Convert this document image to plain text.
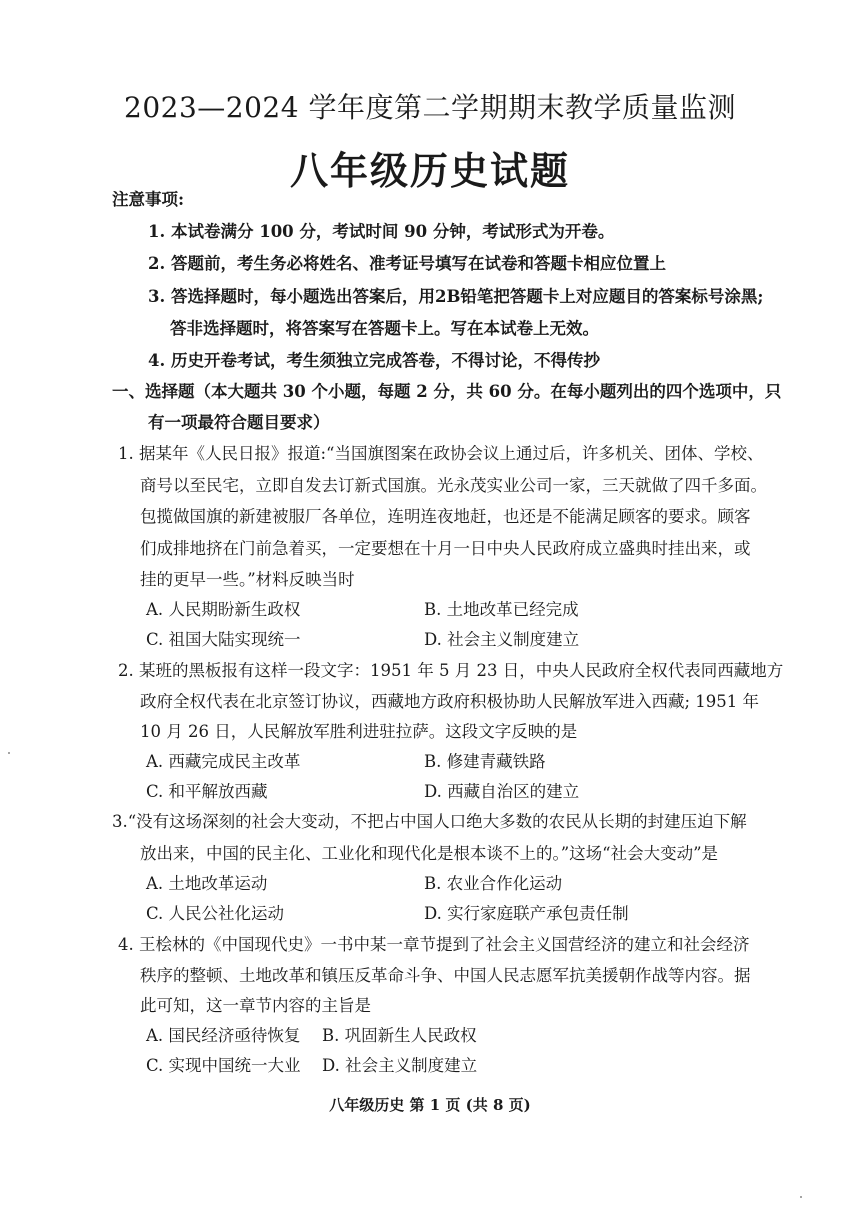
2023—2024 学年度第二学期期末教学质量监测
八年级历史试题
注意事项:
1. 本试卷满分 100 分，考试时间 90 分钟，考试形式为开卷。
2. 答题前，考生务必将姓名、准考证号填写在试卷和答题卡相应位置上
3. 答选择题时，每小题选出答案后，用2B铅笔把答题卡上对应题目的答案标号涂黑;
答非选择题时，将答案写在答题卡上。写在本试卷上无效。
4. 历史开卷考试，考生须独立完成答卷，不得讨论，不得传抄
一、选择题（本大题共 30 个小题，每题 2 分，共 60 分。在每小题列出的四个选项中，只
有一项最符合题目要求）
1. 据某年《人民日报》报道:“当国旗图案在政协会议上通过后，许多机关、团体、学校、
商号以至民宅，立即自发去订新式国旗。光永茂实业公司一家，三天就做了四千多面。
包揽做国旗的新建被服厂各单位，连明连夜地赶，也还是不能满足顾客的要求。顾客
们成排地挤在门前急着买，一定要想在十月一日中央人民政府成立盛典时挂出来，或
挂的更早一些。”材料反映当时
A. 人民期盼新生政权	B. 土地改革已经完成
C. 祖国大陆实现统一	D. 社会主义制度建立
2. 某班的黑板报有这样一段文字：1951 年 5 月 23 日，中央人民政府全权代表同西藏地方
政府全权代表在北京签订协议，西藏地方政府积极协助人民解放军进入西藏; 1951 年
10 月 26 日，人民解放军胜利进驻拉萨。这段文字反映的是
A. 西藏完成民主改革	B. 修建青藏铁路
C. 和平解放西藏	D. 西藏自治区的建立
3.“没有这场深刻的社会大变动，不把占中国人口绝大多数的农民从长期的封建压迫下解
放出来，中国的民主化、工业化和现代化是根本谈不上的。”这场“社会大变动”是
A. 土地改革运动	B. 农业合作化运动
C. 人民公社化运动	D. 实行家庭联产承包责任制
4. 王桧林的《中国现代史》一书中某一章节提到了社会主义国营经济的建立和社会经济
秩序的整顿、土地改革和镇压反革命斗争、中国人民志愿军抗美援朝作战等内容。据
此可知，这一章节内容的主旨是
A. 国民经济亟待恢复 B. 巩固新生人民政权
C. 实现中国统一大业 D. 社会主义制度建立
八年级历史 第 1 页 (共 8 页)
